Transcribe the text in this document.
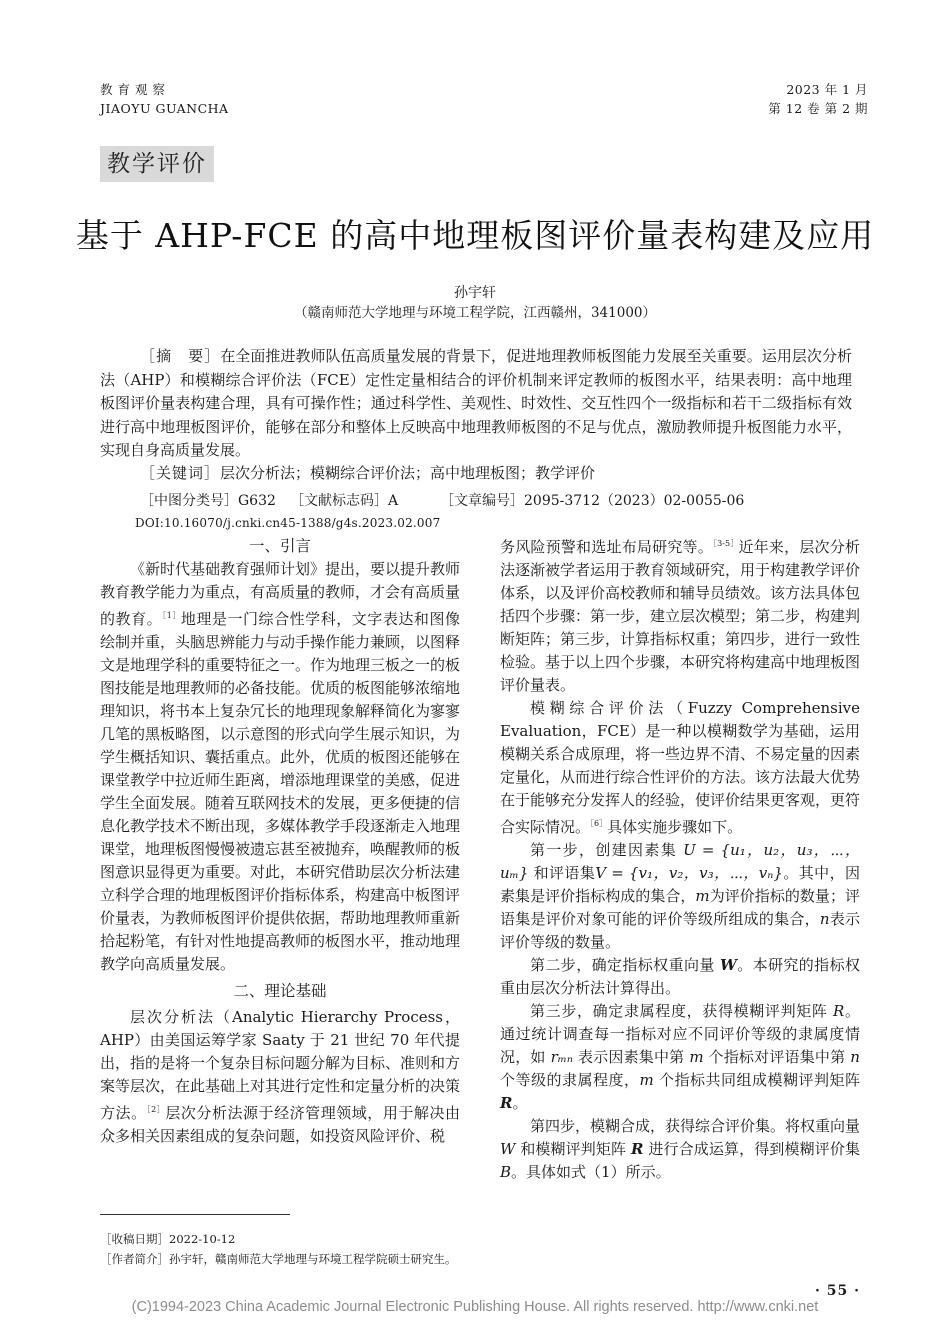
教 育 观 察
JIAOYU GUANCHA
2023 年 1 月
第 12 卷 第 2 期
教学评价
基于 AHP-FCE 的高中地理板图评价量表构建及应用
孙宇轩
（赣南师范大学地理与环境工程学院，江西赣州，341000）
［摘　要］在全面推进教师队伍高质量发展的背景下，促进地理教师板图能力发展至关重要。运用层次分析法（AHP）和模糊综合评价法（FCE）定性定量相结合的评价机制来评定教师的板图水平，结果表明：高中地理板图评价量表构建合理，具有可操作性；通过科学性、美观性、时效性、交互性四个一级指标和若干二级指标有效进行高中地理板图评价，能够在部分和整体上反映高中地理教师板图的不足与优点，激励教师提升板图能力水平，实现自身高质量发展。
［关键词］层次分析法；模糊综合评价法；高中地理板图；教学评价
［中图分类号］G632 ［文献标志码］A	［文章编号］2095-3712（2023）02-0055-06
DOI:10.16070/j.cnki.cn45-1388/g4s.2023.02.007
一、引言

《新时代基础教育强师计划》提出，要以提升教师教育教学能力为重点，有高质量的教师，才会有高质量的教育。$^{[1]}$地理是一门综合性学科，文字表达和图像绘制并重，头脑思辨能力与动手操作能力兼顾，以图释文是地理学科的重要特征之一。作为地理三板之一的板图技能是地理教师的必备技能。优质的板图能够浓缩地理知识，将书本上复杂冗长的地理现象解释简化为寥寥几笔的黑板略图，以示意图的形式向学生展示知识，为学生概括知识、囊括重点。此外，优质的板图还能够在课堂教学中拉近师生距离，增添地理课堂的美感，促进学生全面发展。随着互联网技术的发展，更多便捷的信息化教学技术不断出现，多媒体教学手段逐渐走入地理课堂，地理板图慢慢被遗忘甚至被抛弃，唤醒教师的板图意识显得更为重要。对此，本研究借助层次分析法建立科学合理的地理板图评价指标体系，构建高中板图评价量表，为教师板图评价提供依据，帮助地理教师重新拾起粉笔，有针对性地提高教师的板图水平，推动地理教学向高质量发展。

二、理论基础

层次分析法（Analytic Hierarchy Process，AHP）由美国运筹学家 Saaty 于 21 世纪 70 年代提出，指的是将一个复杂目标问题分解为目标、准则和方案等层次，在此基础上对其进行定性和定量分析的决策方法。$^{[2]}$层次分析法源于经济管理领域，用于解决由众多相关因素组成的复杂问题，如投资风险评价、税

务风险预警和选址布局研究等。$^{[3-5]}$近年来，层次分析法逐渐被学者运用于教育领域研究，用于构建教学评价体系，以及评价高校教师和辅导员绩效。该方法具体包括四个步骤：第一步，建立层次模型；第二步，构建判断矩阵；第三步，计算指标权重；第四步，进行一致性检验。基于以上四个步骤，本研究将构建高中地理板图评价量表。

模糊综合评价法（Fuzzy Comprehensive Evaluation，FCE）是一种以模糊数学为基础，运用模糊关系合成原理，将一些边界不清、不易定量的因素定量化，从而进行综合性评价的方法。该方法最大优势在于能够充分发挥人的经验，使评价结果更客观，更符合实际情况。$^{[6]}$具体实施步骤如下。

第一步，创建因素集 U = {u₁，u₂，u₃，⋯，uₘ} 和评语集V = {v₁，v₂，v₃，⋯，vₙ}。其中，因素集是评价指标构成的集合，m为评价指标的数量；评语集是评价对象可能的评价等级所组成的集合，n表示评价等级的数量。

第二步，确定指标权重向量 W。本研究的指标权重由层次分析法计算得出。

第三步，确定隶属程度，获得模糊评判矩阵 R。通过统计调查每一指标对应不同评价等级的隶属度情况，如 rₘₙ 表示因素集中第 m 个指标对评语集中第 n 个等级的隶属程度，m 个指标共同组成模糊评判矩阵R。

第四步，模糊合成，获得综合评价集。将权重向量 W 和模糊评判矩阵 R 进行合成运算，得到模糊评价集 B。具体如式（1）所示。

［收稿日期］2022-10-12
［作者简介］孙宇轩，赣南师范大学地理与环境工程学院硕士研究生。
· 55 ·
(C)1994-2023 China Academic Journal Electronic Publishing House. All rights reserved. http://www.cnki.net
